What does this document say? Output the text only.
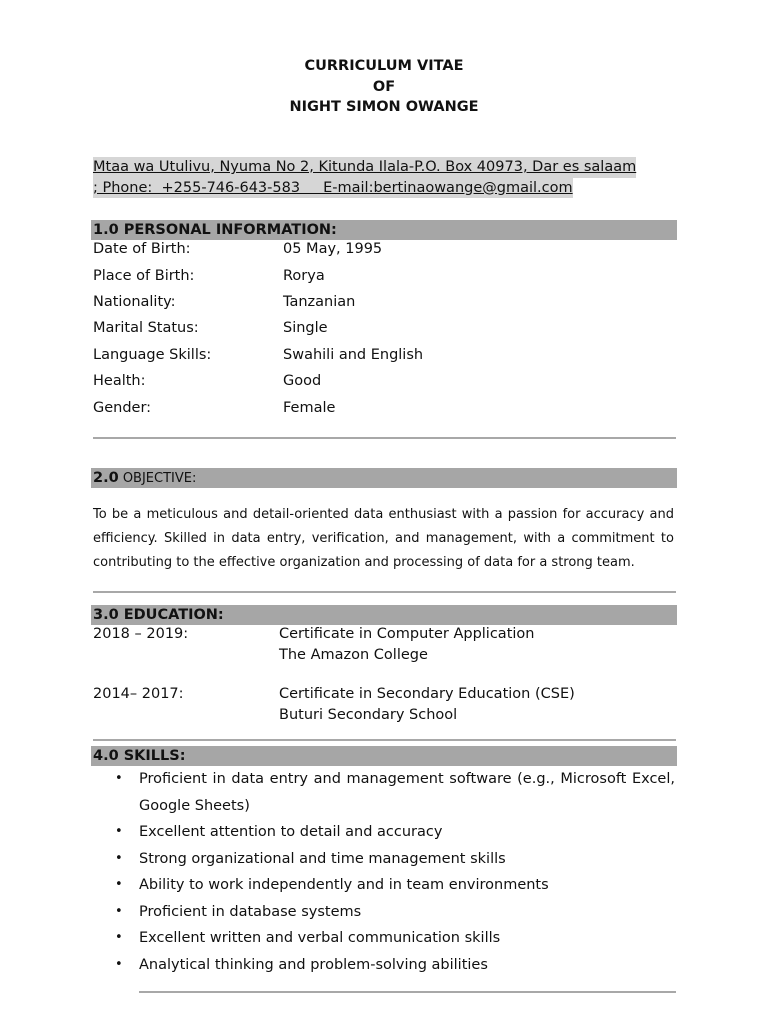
CURRICULUM VITAE
OF
NIGHT SIMON OWANGE
Mtaa wa Utulivu, Nyuma No 2, Kitunda Ilala-P.O. Box 40973, Dar es salaam
; Phone:  +255-746-643-583     E-mail:bertinaowange@gmail.com
1.0 PERSONAL INFORMATION:
Date of Birth:	05 May, 1995
Place of Birth:	Rorya
Nationality:	Tanzanian
Marital Status:	Single
Language Skills:	Swahili and English
Health:	Good
Gender:	Female
2.0 OBJECTIVE:
To be a meticulous and detail-oriented data enthusiast with a passion for accuracy and efficiency. Skilled in data entry, verification, and management, with a commitment to contributing to the effective organization and processing of data for a strong team.
3.0 EDUCATION:
2018 – 2019:	Certificate in Computer Application
The Amazon College
2014– 2017:	Certificate in Secondary Education (CSE)
Buturi Secondary School
4.0 SKILLS:
• Proficient in data entry and management software (e.g., Microsoft Excel, Google Sheets)
• Excellent attention to detail and accuracy
• Strong organizational and time management skills
• Ability to work independently and in team environments
• Proficient in database systems
• Excellent written and verbal communication skills
• Analytical thinking and problem-solving abilities
